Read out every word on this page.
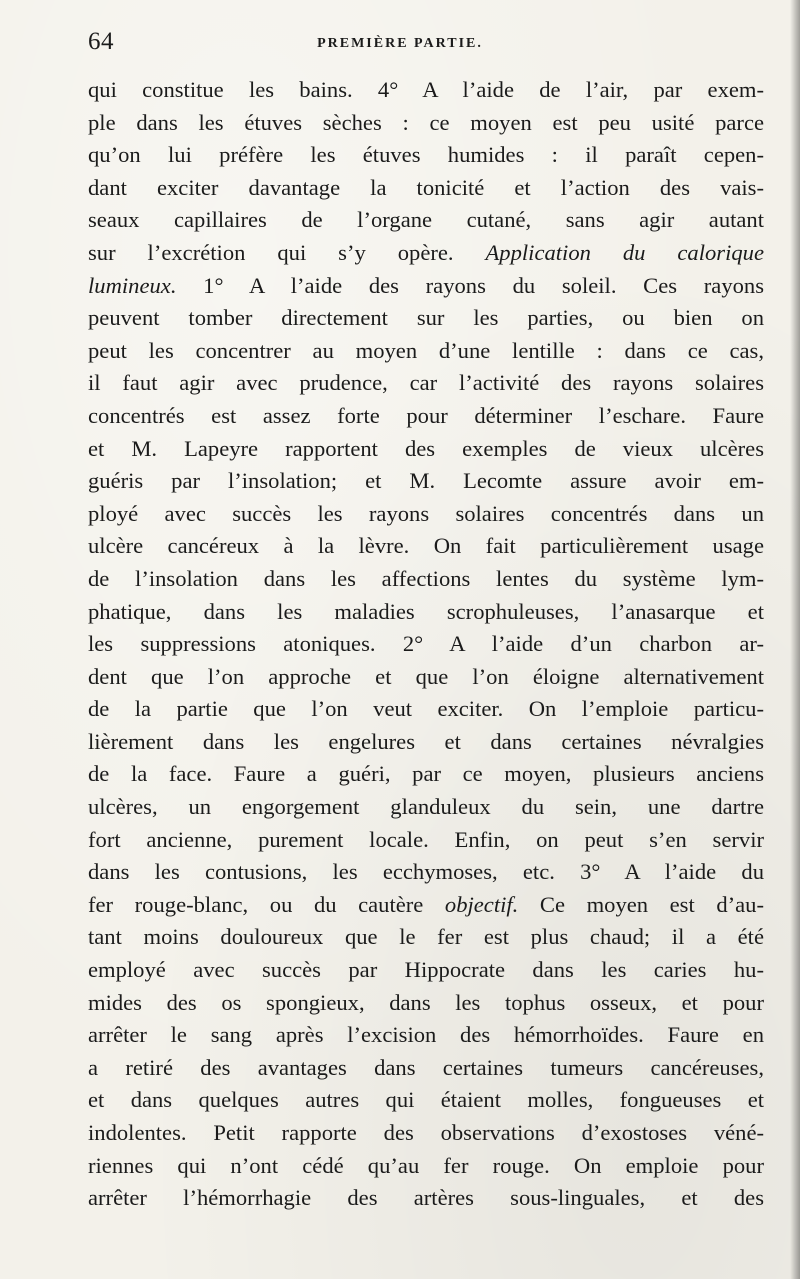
64	PREMIÈRE PARTIE.
qui constitue les bains. 4° A l’aide de l’air, par exem-
ple dans les étuves sèches : ce moyen est peu usité parce
qu’on lui préfère les étuves humides : il paraît cepen-
dant exciter davantage la tonicité et l’action des vais-
seaux capillaires de l’organe cutané, sans agir autant
sur l’excrétion qui s’y opère. Application du calorique
lumineux. 1° A l’aide des rayons du soleil. Ces rayons
peuvent tomber directement sur les parties, ou bien on
peut les concentrer au moyen d’une lentille : dans ce cas,
il faut agir avec prudence, car l’activité des rayons solaires
concentrés est assez forte pour déterminer l’eschare. Faure
et M. Lapeyre rapportent des exemples de vieux ulcères
guéris par l’insolation; et M. Lecomte assure avoir em-
ployé avec succès les rayons solaires concentrés dans un
ulcère cancéreux à la lèvre. On fait particulièrement usage
de l’insolation dans les affections lentes du système lym-
phatique, dans les maladies scrophuleuses, l’anasarque et
les suppressions atoniques. 2° A l’aide d’un charbon ar-
dent que l’on approche et que l’on éloigne alternativement
de la partie que l’on veut exciter. On l’emploie particu-
lièrement dans les engelures et dans certaines névralgies
de la face. Faure a guéri, par ce moyen, plusieurs anciens
ulcères, un engorgement glanduleux du sein, une dartre
fort ancienne, purement locale. Enfin, on peut s’en servir
dans les contusions, les ecchymoses, etc. 3° A l’aide du
fer rouge-blanc, ou du cautère objectif. Ce moyen est d’au-
tant moins douloureux que le fer est plus chaud; il a été
employé avec succès par Hippocrate dans les caries hu-
mides des os spongieux, dans les tophus osseux, et pour
arrêter le sang après l’excision des hémorrhoïdes. Faure en
a retiré des avantages dans certaines tumeurs cancéreuses,
et dans quelques autres qui étaient molles, fongueuses et
indolentes. Petit rapporte des observations d’exostoses véné-
riennes qui n’ont cédé qu’au fer rouge. On emploie pour
arrêter l’hémorrhagie des artères sous-linguales, et des
